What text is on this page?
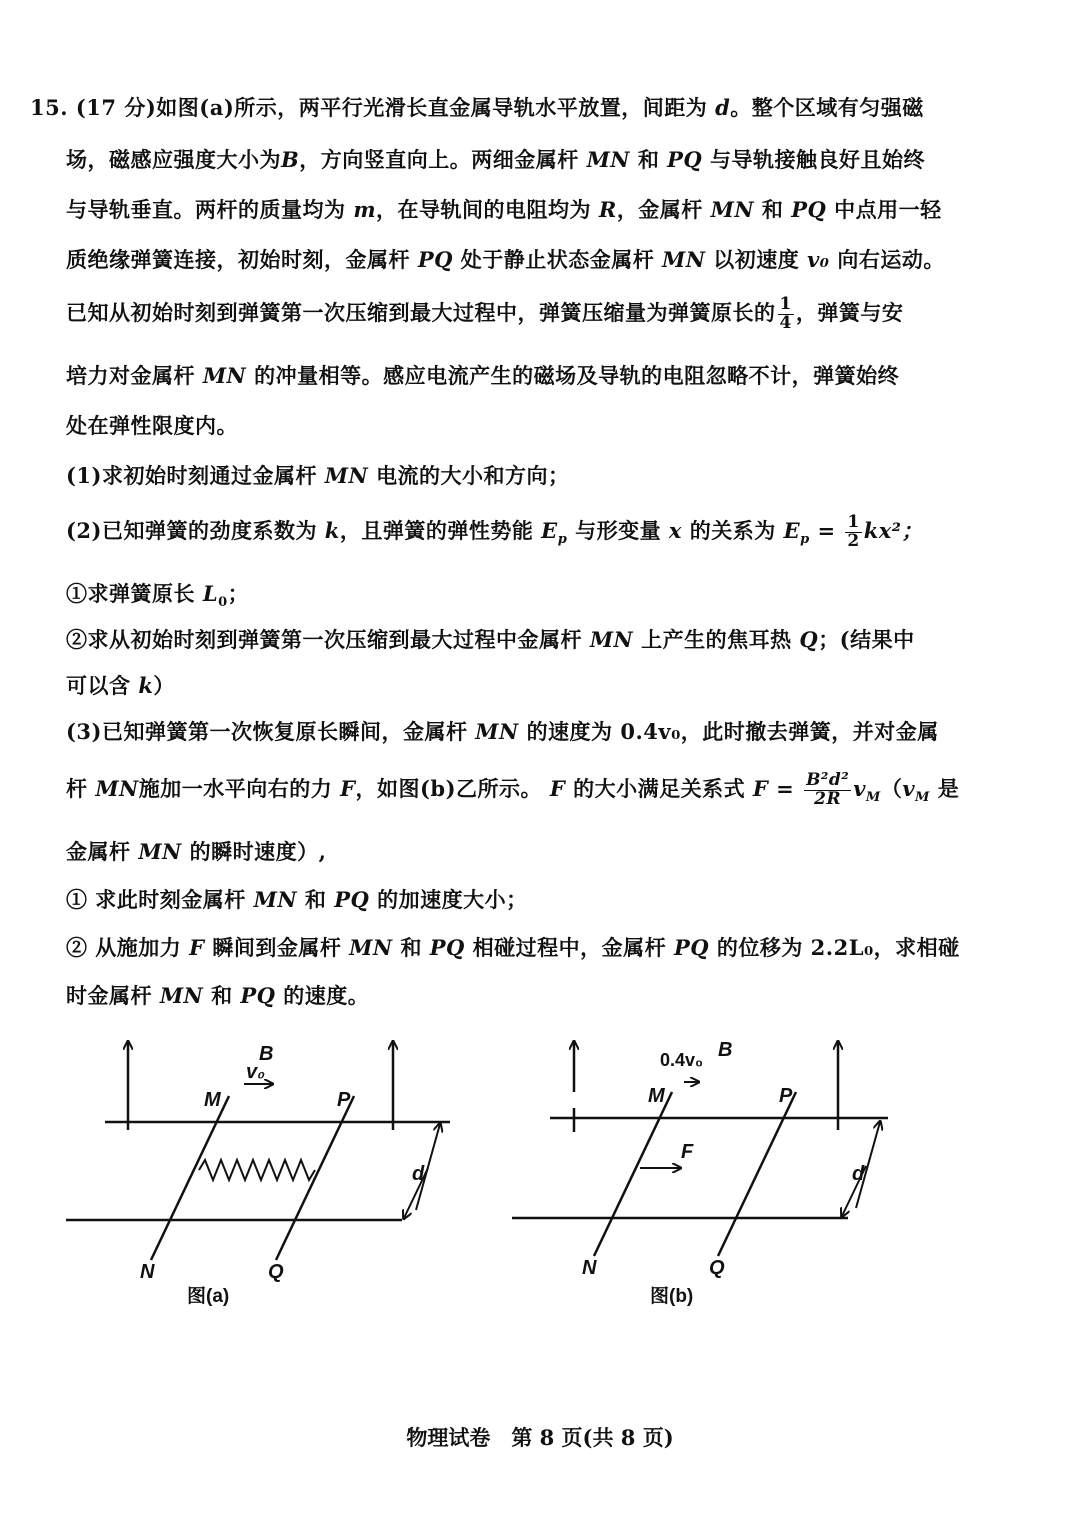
15. (17 分)如图(a)所示，两平行光滑长直金属导轨水平放置，间距为 d。整个区域有匀强磁
场，磁感应强度大小为B，方向竖直向上。两细金属杆 MN 和 PQ 与导轨接触良好且始终
与导轨垂直。两杆的质量均为 m，在导轨间的电阻均为 R，金属杆 MN 和 PQ 中点用一轻
质绝缘弹簧连接，初始时刻，金属杆 PQ 处于静止状态金属杆 MN 以初速度 v₀ 向右运动。
已知从初始时刻到弹簧第一次压缩到最大过程中，弹簧压缩量为弹簧原长的 $\frac{1}{4}$ ，弹簧与安
培力对金属杆 MN 的冲量相等。感应电流产生的磁场及导轨的电阻忽略不计，弹簧始终
处在弹性限度内。
(1)求初始时刻通过金属杆 MN 电流的大小和方向；
(2)已知弹簧的劲度系数为 k，且弹簧的弹性势能 $E_p$ 与形变量 x 的关系为 $E_p = \frac{1}{2} kx^2$；
①求弹簧原长 $L_0$；
②求从初始时刻到弹簧第一次压缩到最大过程中金属杆 MN 上产生的焦耳热 Q；(结果中
可以含 k）
(3)已知弹簧第一次恢复原长瞬间，金属杆 MN 的速度为 0.4v₀，此时撤去弹簧，并对金属
杆 MN施加一水平向右的力 F，如图(b)乙所示。 F 的大小满足关系式 $F = \frac{\text{B²d²}}{2R} v_M(v_M$ 是
金属杆 MN 的瞬时速度）,
① 求此时刻金属杆 MN 和 PQ 的加速度大小；
② 从施加力 F 瞬间到金属杆 MN 和 PQ 相碰过程中，金属杆 PQ 的位移为 2.2L₀，求相碰
时金属杆 MN 和 PQ 的速度。
B
v₀
M	P
N	Q
d
图(a)
B
0.4v₀
M	P
F
N	Q
d
图(b)
物理试卷　第 8 页(共 8 页)
